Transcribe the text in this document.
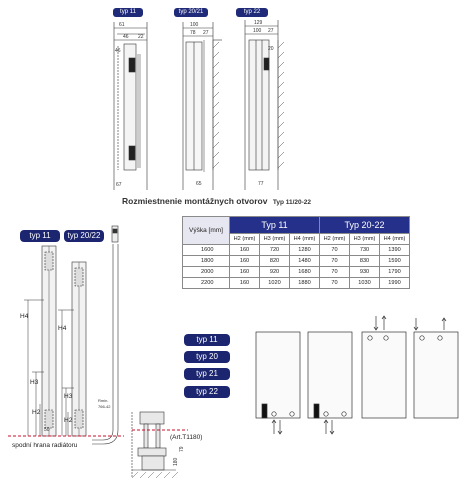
typ 11	typ 20/21	typ 22
61
46 22
46
67
100
78 27
65
129
100 27
20
77
Rozmiestnenie montážnych otvorov Typ 11/20-22
Výška [mm]	Typ 11			Typ 20-22		
	H2 (mm)	H3 (mm)	H4 (mm)	H2 (mm)	H3 (mm)	H4 (mm)
1600	160	720	1280	70	730	1390
1800	160	820	1480	70	830	1590
2000	160	920	1680	70	930	1790
2200	160	1020	1880	70	1030	1990
typ 11	typ 20/22
H4
H4
H3
H3
H2
H2
Rmin.
766-42
50
180
79
spodní hrana radiátoru
(Art.T1180)
typ 11
typ 20
typ 21
typ 22
